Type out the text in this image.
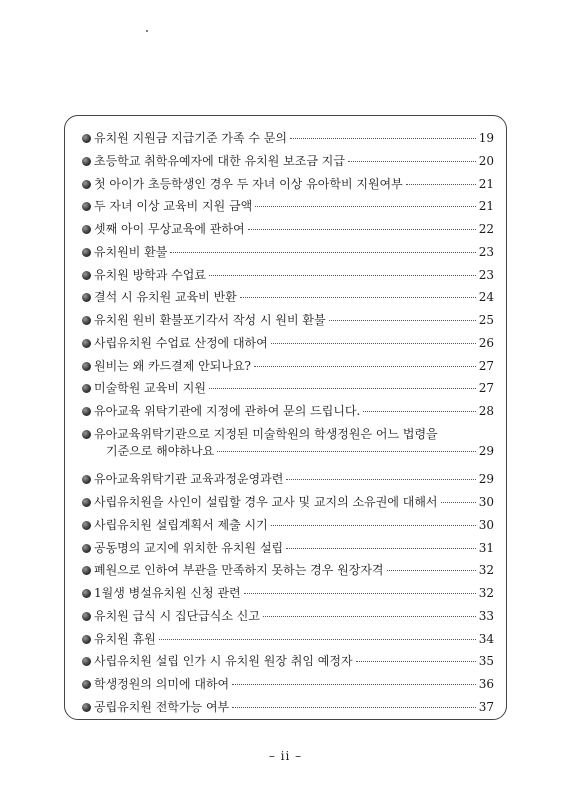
유치원 지원금 지급기준 가족 수 문의	19
초등학교 취학유예자에 대한 유치원 보조금 지급	20
첫 아이가 초등학생인 경우 두 자녀 이상 유아학비 지원여부	21
두 자녀 이상 교육비 지원 금액	21
셋째 아이 무상교육에 관하여	22
유치원비 환불	23
유치원 방학과 수업료	23
결석 시 유치원 교육비 반환	24
유치원 원비 환불포기각서 작성 시 원비 환불	25
사립유치원 수업료 산정에 대하여	26
원비는 왜 카드결제 안되나요?	27
미술학원 교육비 지원	27
유아교육 위탁기관에 지정에 관하여 문의 드립니다.	28
유아교육위탁기관으로 지정된 미술학원의 학생정원은 어느 법령을
기준으로 해야하나요	29
유아교육위탁기관 교육과정운영과련	29
사립유치원을 사인이 설립할 경우 교사 및 교지의 소유권에 대해서	30
사립유치원 설립계획서 제출 시기	30
공동명의 교지에 위치한 유치원 설립	31
폐원으로 인하여 부관을 만족하지 못하는 경우 원장자격	32
1월생 병설유치원 신청 관련	32
유치원 급식 시 집단급식소 신고	33
유치원 휴원	34
사립유치원 설립 인가 시 유치원 원장 취임 예정자	35
학생정원의 의미에 대하여	36
공립유치원 전학가능 여부	37
– ii –
